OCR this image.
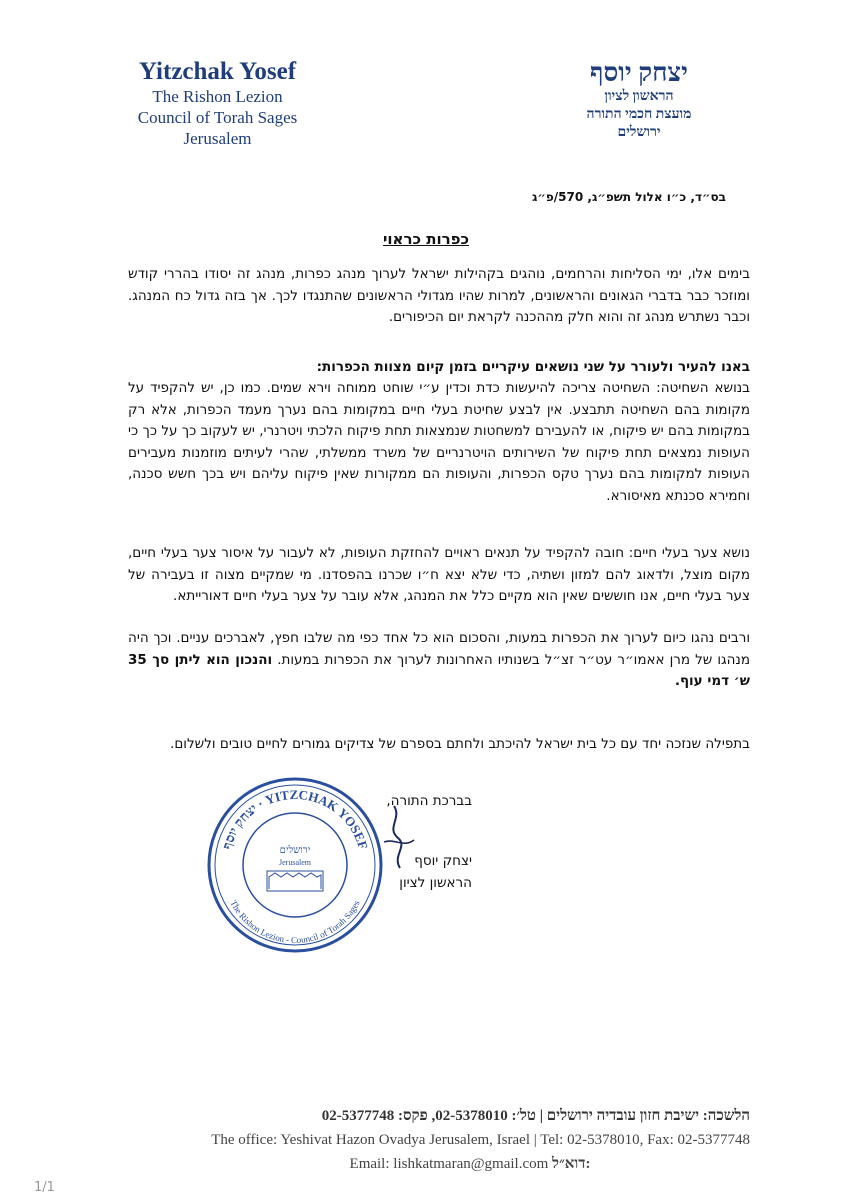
Yitzchak Yosef
The Rishon Lezion
Council of Torah Sages
Jerusalem
יצחק יוסף
הראשון לציון
מועצת חכמי התורה
ירושלים
בס״ד, כ״ו אלול תשפ״ג, 570/פ״ג
כפרות כראוי
בימים אלו, ימי הסליחות והרחמים, נוהגים בקהילות ישראל לערוך מנהג כפרות, מנהג זה יסודו בהררי קודש ומוזכר כבר בדברי הגאונים והראשונים, למרות שהיו מגדולי הראשונים שהתנגדו לכך. אך בזה גדול כח המנהג. וכבר נשתרש מנהג זה והוא חלק מההכנה לקראת יום הכיפורים.
באנו להעיר ולעורר על שני נושאים עיקריים בזמן קיום מצוות הכפרות:
בנושא השחיטה: השחיטה צריכה להיעשות כדת וכדין ע״י שוחט ממוחה וירא שמים. כמו כן, יש להקפיד על מקומות בהם השחיטה תתבצע. אין לבצע שחיטת בעלי חיים במקומות בהם נערך מעמד הכפרות, אלא רק במקומות בהם יש פיקוח, או להעבירם למשחטות שנמצאות תחת פיקוח הלכתי ויטרנרי, יש לעקוב כך על כך כי העופות נמצאים תחת פיקוח של השירותים הויטרנריים של משרד ממשלתי, שהרי לעיתים מוזמנות מעבירים העופות למקומות בהם נערך טקס הכפרות, והעופות הם ממקורות שאין פיקוח עליהם ויש בכך חשש סכנה, וחמירא סכנתא מאיסורא.
נושא צער בעלי חיים: חובה להקפיד על תנאים ראויים להחזקת העופות, לא לעבור על איסור צער בעלי חיים, מקום מוצל, ולדאוג להם למזון ושתיה, כדי שלא יצא ח״ו שכרנו בהפסדנו. מי שמקיים מצוה זו בעבירה של צער בעלי חיים, אנו חוששים שאין הוא מקיים כלל את המנהג, אלא עובר על צער בעלי חיים דאורייתא.
ורבים נהגו כיום לערוך את הכפרות במעות, והסכום הוא כל אחד כפי מה שלבו חפץ, לאברכים עניים. וכך היה מנהגו של מרן אאמו״ר עט״ר זצ״ל בשנותיו האחרונות לערוך את הכפרות במעות. והנכון הוא ליתן סך 35 ש׳ דמי עוף.
בתפילה שנזכה יחד עם כל בית ישראל להיכתב ולחתם בספרם של צדיקים גמורים לחיים טובים ולשלום.
בברכת התורה,
יצחק יוסף
הראשון לציון
יצחק יוסף · YITZCHAK YOSEF
The Rishon Lezion - Council of Torah Sages
ירושלים
Jerusalem
הלשכה: ישיבת חזון עובדיה ירושלים | טל׳: 02-5378010, פקס: 02-5377748
The office: Yeshivat Hazon Ovadya Jerusalem, Israel | Tel: 02-5378010, Fax: 02-5377748
Email: lishkatmaran@gmail.com דוא״ל:
1/1
